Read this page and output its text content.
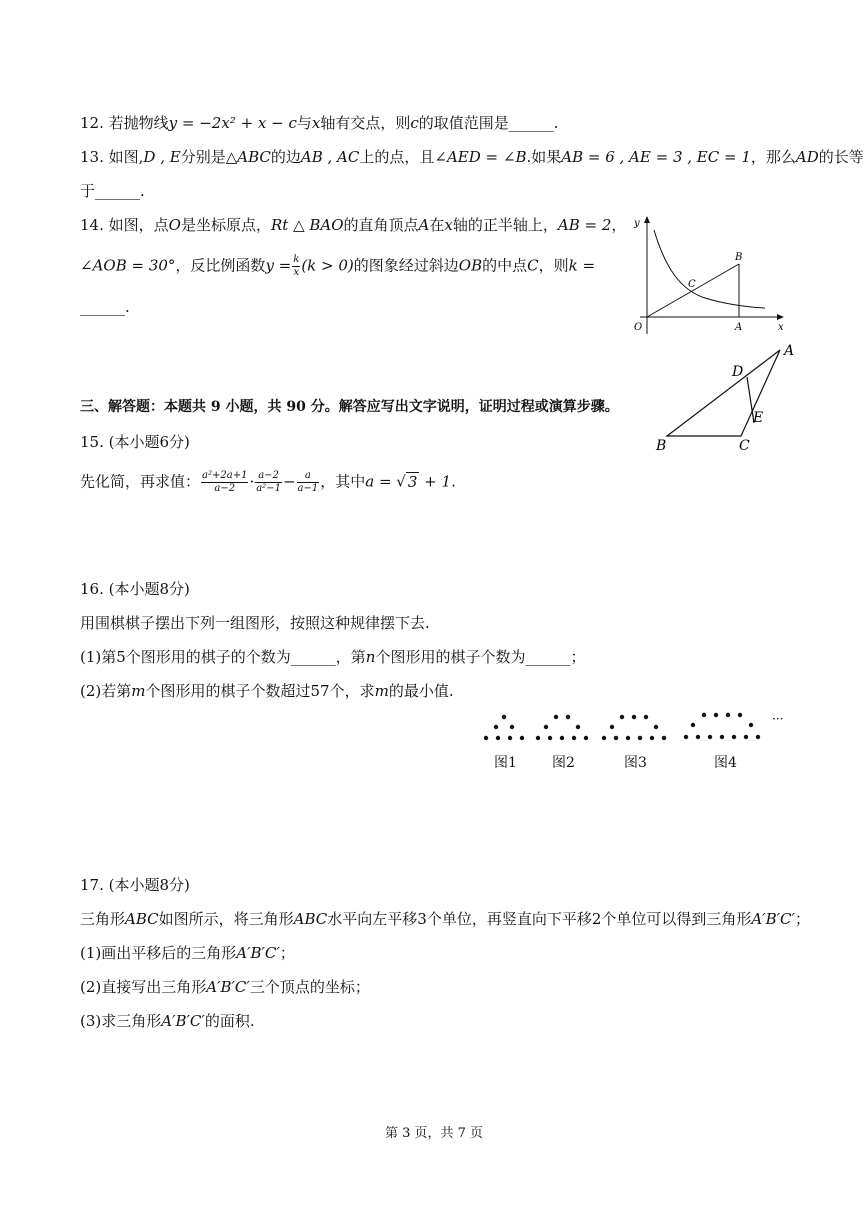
12. 若抛物线y = −2x² + x − c与x轴有交点，则c的取值范围是______.
13. 如图,D , E分别是△ABC的边AB , AC上的点，且∠AED = ∠B.如果AB = 6 , AE = 3 , EC = 1，那么AD的长等
于______.
14. 如图，点O是坐标原点，Rt △ BAO的直角顶点A在x轴的正半轴上，AB = 2，
∠AOB = 30°，反比例函数$y = \frac{k}{x} (k > 0)$的图象经过斜边OB的中点C，则k =
______.
y
x
O	A
B
C
A
B	C
D
E
三、解答题：本题共 9 小题，共 90 分。解答应写出文字说明，证明过程或演算步骤。
15. (本小题6分)
先化简，再求值： $\frac{\text{a²+2a+1}}{a-2} \cdot \frac{a-2}{\text{a²−1}} - \frac{a}{a-1}$ ，其中a = √ 3 + 1.
16. (本小题8分)
用围棋棋子摆出下列一组图形，按照这种规律摆下去.
(1)第5个图形用的棋子的个数为______，第n个图形用的棋子个数为______；
(2)若第m个图形用的棋子个数超过57个，求m的最小值.
···
图1	图2	图3	图4
17. (本小题8分)
三角形ABC如图所示，将三角形ABC水平向左平移3个单位，再竖直向下平移2个单位可以得到三角形A′B′C′；
(1)画出平移后的三角形A′B′C′；
(2)直接写出三角形A′B′C′三个顶点的坐标；
(3)求三角形A′B′C′的面积.
第 3 页，共 7 页
